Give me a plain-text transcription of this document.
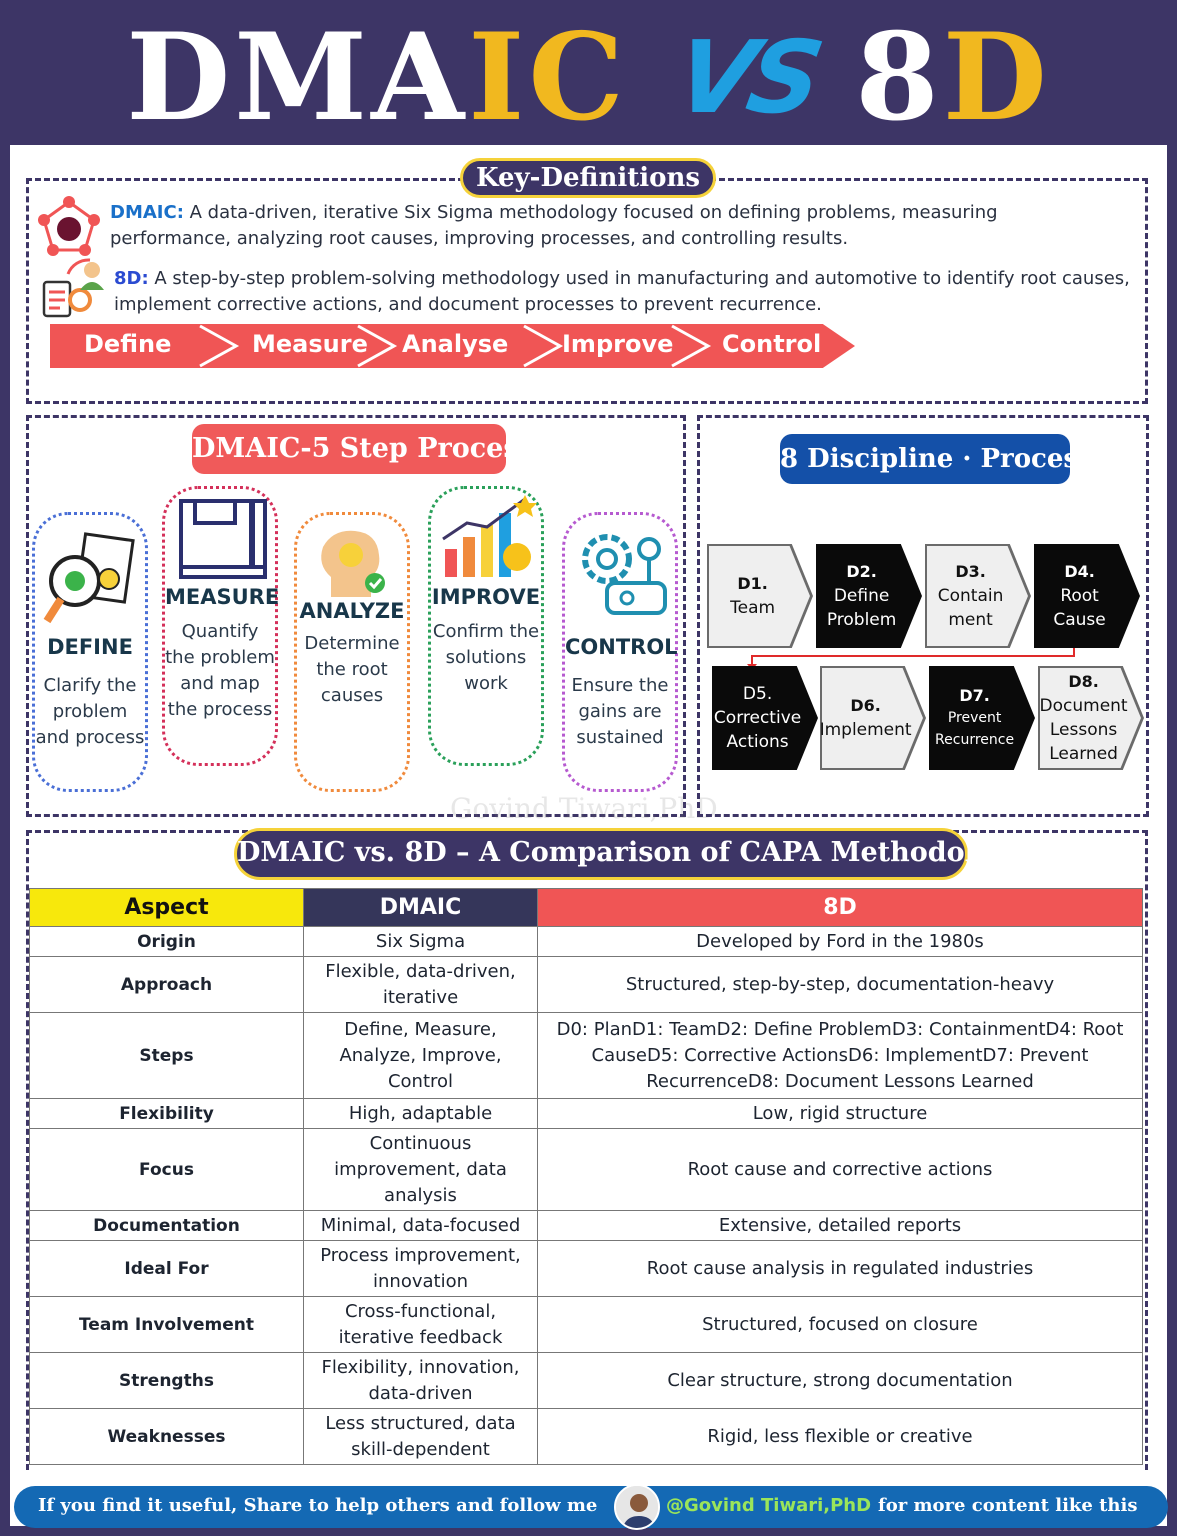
DMA IC VS 8 D
Key-Definitions
DMAIC: A data-driven, iterative Six Sigma methodology focused on defining problems, measuring performance, analyzing root causes, improving processes, and controlling results.
8D: A step-by-step problem-solving methodology used in manufacturing and automotive to identify root causes, implement corrective actions, and document processes to prevent recurrence.
Define	Measure Analyse Improve Control
DMAIC-5 Step Process
DEFINE
Clarify the problem and process
MEASURE
Quantify the problem and map the process
ANALYZE
Determine the root causes
IMPROVE
Confirm the solutions work
CONTROL
Ensure the gains are sustained
Govind Tiwari,PhD
8 Discipline · Process
D1.
Team
D2.
Define Problem
D3.
Contain ment
D4.
Root Cause
D5.
Corrective Actions
D6.
Implement
D7.
Prevent Recurrence
D8.
Document Lessons Learned
DMAIC vs. 8D – A Comparison of CAPA Methodologies
Aspect	DMAIC	8D
Origin	Six Sigma	Developed by Ford in the 1980s
Approach	Flexible, data-driven, iterative	Structured, step-by-step, documentation-heavy
Steps	Define, Measure, Analyze, Improve, Control	D0: PlanD1: TeamD2: Define ProblemD3: ContainmentD4: Root CauseD5: Corrective ActionsD6: ImplementD7: Prevent RecurrenceD8: Document Lessons Learned
Flexibility	High, adaptable	Low, rigid structure
Focus	Continuous improvement, data analysis	Root cause and corrective actions
Documentation	Minimal, data-focused	Extensive, detailed reports
Ideal For	Process improvement, innovation	Root cause analysis in regulated industries
Team Involvement	Cross-functional, iterative feedback	Structured, focused on closure
Strengths	Flexibility, innovation, data-driven	Clear structure, strong documentation
Weaknesses	Less structured, data skill-dependent	Rigid, less flexible or creative
If you find it useful, Share to help others and follow me	@Govind Tiwari,PhD for more content like this
